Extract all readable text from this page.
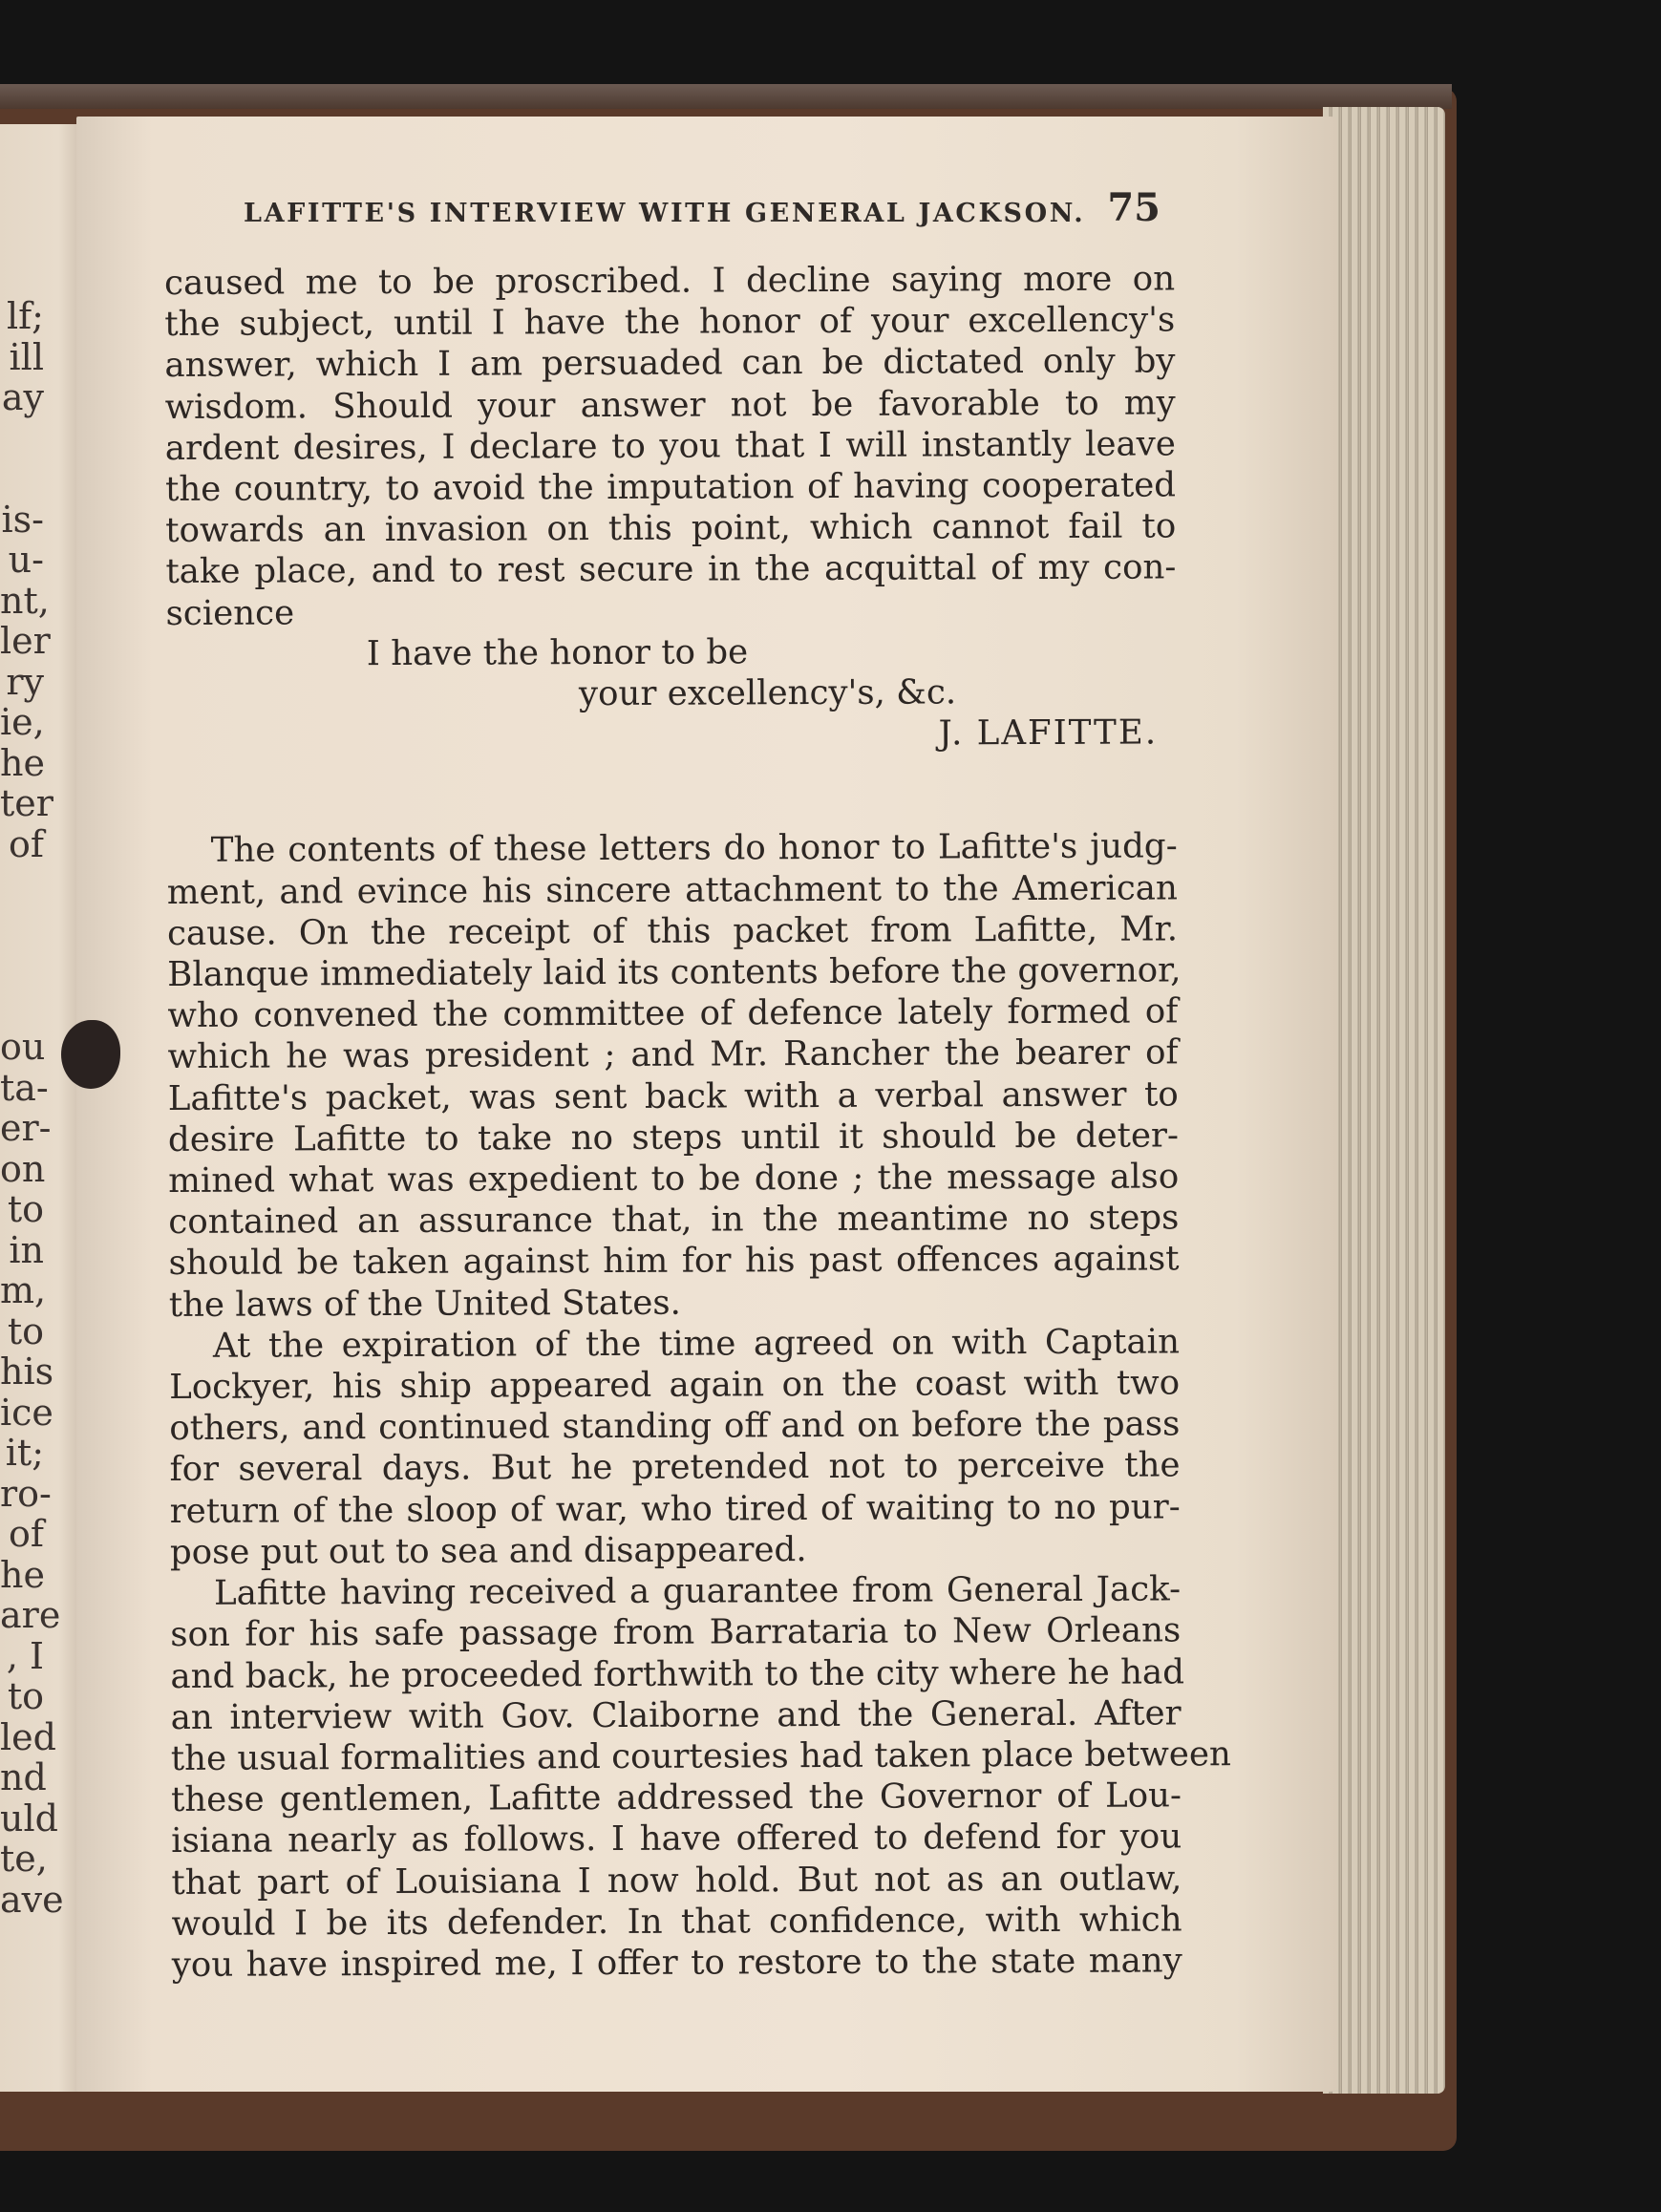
lf;
ill
ay

is-
u-
nt,
ler
ry
ie,
he
ter
of

ou
ta-
er-
on
to
in
m,
to
his
ice
it;
ro-
of
he
are
, I
to
led
nd
uld
te,
ave
LAFITTE'S INTERVIEW WITH GENERAL JACKSON. 75
caused me to be proscribed. I decline saying more on
the subject, until I have the honor of your excellency's
answer, which I am persuaded can be dictated only by
wisdom. Should your answer not be favorable to my
ardent desires, I declare to you that I will instantly leave
the country, to avoid the imputation of having cooperated
towards an invasion on this point, which cannot fail to
take place, and to rest secure in the acquittal of my con-
science
I have the honor to be
your excellency's, &c.
J. LAFITTE.
The contents of these letters do honor to Lafitte's judg-
ment, and evince his sincere attachment to the American
cause. On the receipt of this packet from Lafitte, Mr.
Blanque immediately laid its contents before the governor,
who convened the committee of defence lately formed of
which he was president ; and Mr. Rancher the bearer of
Lafitte's packet, was sent back with a verbal answer to
desire Lafitte to take no steps until it should be deter-
mined what was expedient to be done ; the message also
contained an assurance that, in the meantime no steps
should be taken against him for his past offences against
the laws of the United States.
At the expiration of the time agreed on with Captain
Lockyer, his ship appeared again on the coast with two
others, and continued standing off and on before the pass
for several days. But he pretended not to perceive the
return of the sloop of war, who tired of waiting to no pur-
pose put out to sea and disappeared.
Lafitte having received a guarantee from General Jack-
son for his safe passage from Barrataria to New Orleans
and back, he proceeded forthwith to the city where he had
an interview with Gov. Claiborne and the General. After
the usual formalities and courtesies had taken place between
these gentlemen, Lafitte addressed the Governor of Lou-
isiana nearly as follows. I have offered to defend for you
that part of Louisiana I now hold. But not as an outlaw,
would I be its defender. In that confidence, with which
you have inspired me, I offer to restore to the state many
